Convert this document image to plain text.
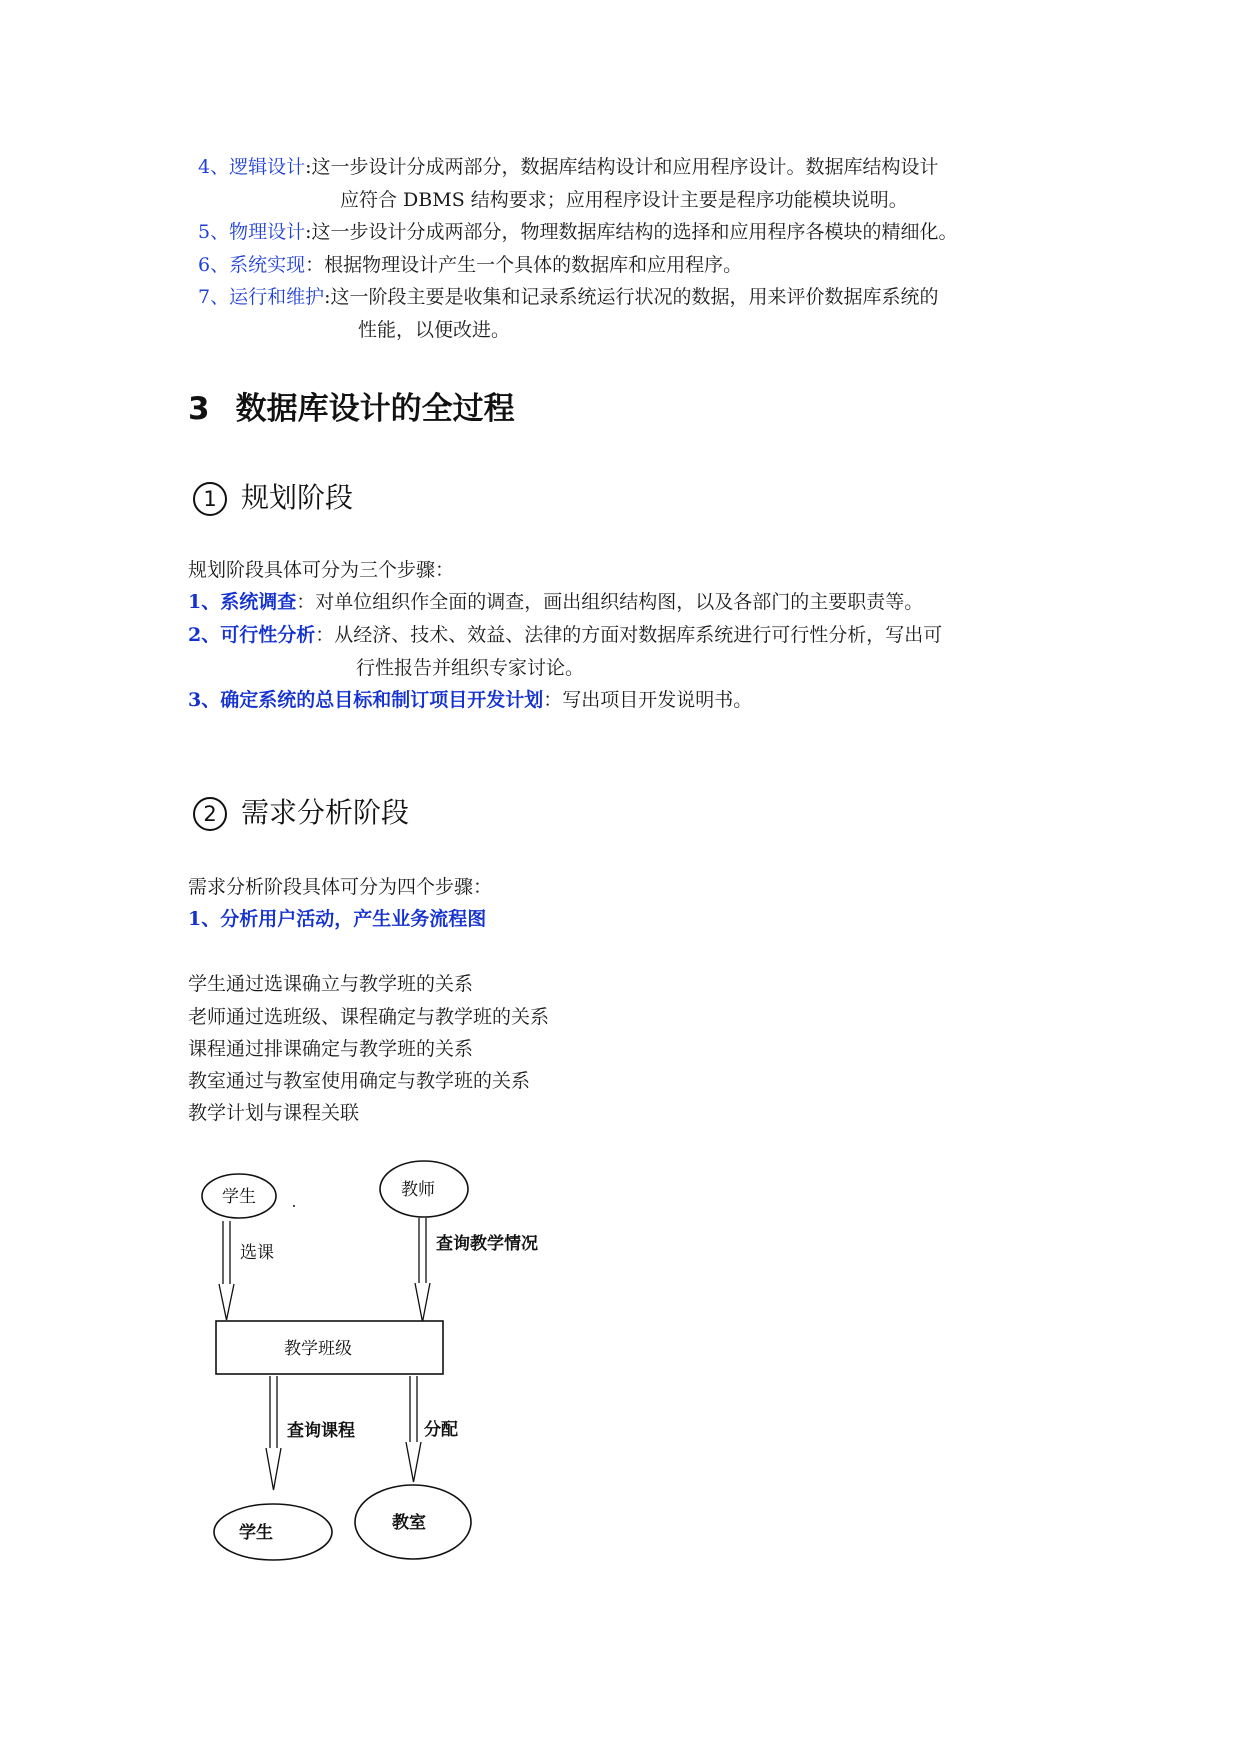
4、逻辑设计:这一步设计分成两部分，数据库结构设计和应用程序设计。数据库结构设计
应符合 DBMS 结构要求；应用程序设计主要是程序功能模块说明。
5、物理设计:这一步设计分成两部分，物理数据库结构的选择和应用程序各模块的精细化。
6、系统实现：根据物理设计产生一个具体的数据库和应用程序。
7、运行和维护:这一阶段主要是收集和记录系统运行状况的数据，用来评价数据库系统的
性能，以便改进。
3 数据库设计的全过程
1 规划阶段
规划阶段具体可分为三个步骤：
1、系统调查：对单位组织作全面的调查，画出组织结构图，以及各部门的主要职责等。
2、可行性分析：从经济、技术、效益、法律的方面对数据库系统进行可行性分析，写出可
行性报告并组织专家讨论。
3、确定系统的总目标和制订项目开发计划：写出项目开发说明书。
2 需求分析阶段
需求分析阶段具体可分为四个步骤：
1、分析用户活动，产生业务流程图
学生通过选课确立与教学班的关系
老师通过选班级、课程确定与教学班的关系
课程通过排课确定与教学班的关系
教室通过与教室使用确定与教学班的关系
教学计划与课程关联
学生	教师
选课	查询教学情况
教学班级
查询课程	分配
学生	教室
